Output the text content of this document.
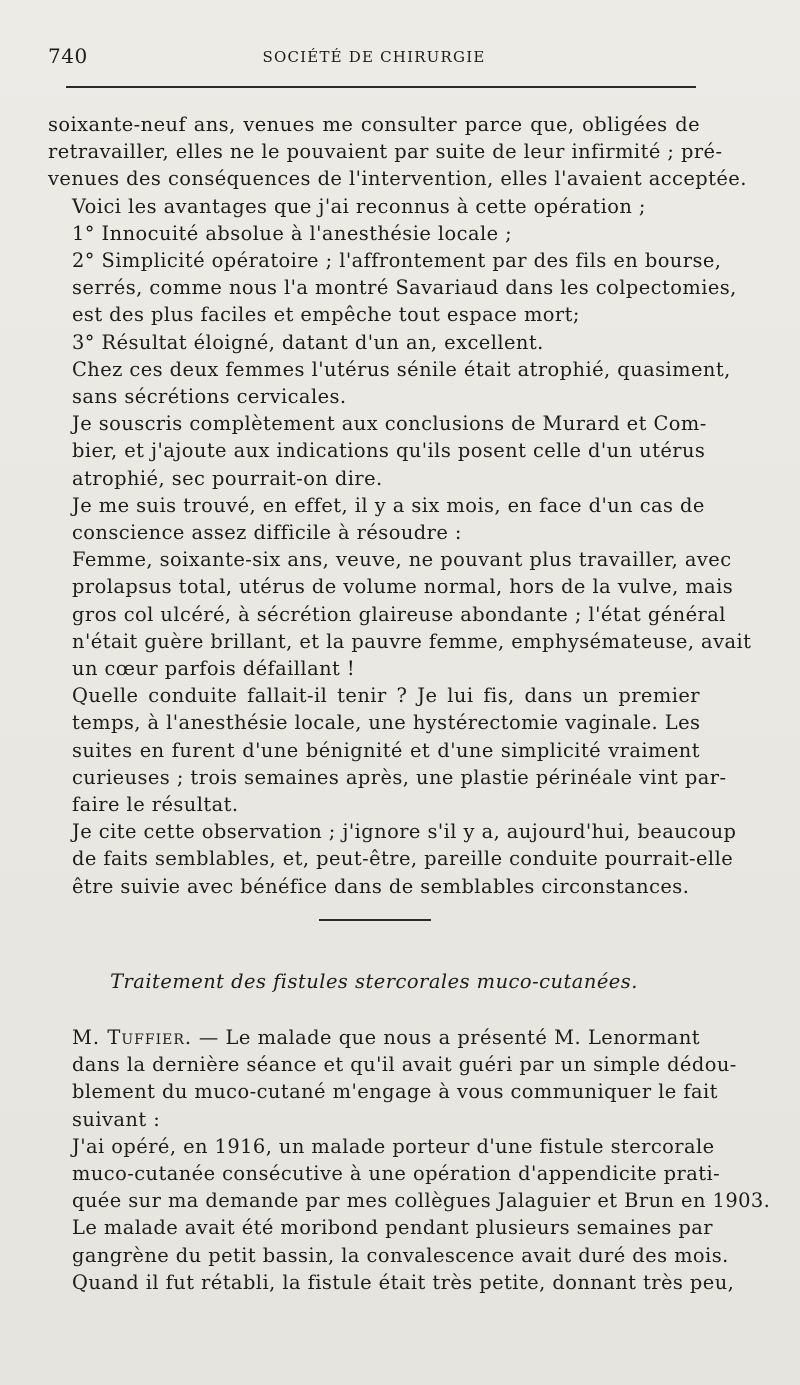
740	SOCIÉTÉ DE CHIRURGIE

soixante-neuf ans, venues me consulter parce que, obligées de
retravailler, elles ne le pouvaient par suite de leur infirmité ; pré-
venues des conséquences de l'intervention, elles l'avaient acceptée.

Voici les avantages que j'ai reconnus à cette opération ;

1° Innocuité absolue à l'anesthésie locale ;

2° Simplicité opératoire ; l'affrontement par des fils en bourse,
serrés, comme nous l'a montré Savariaud dans les colpectomies,
est des plus faciles et empêche tout espace mort;

3° Résultat éloigné, datant d'un an, excellent.

Chez ces deux femmes l'utérus sénile était atrophié, quasiment,
sans sécrétions cervicales.

Je souscris complètement aux conclusions de Murard et Com-
bier, et j'ajoute aux indications qu'ils posent celle d'un utérus
atrophié, sec pourrait-on dire.

Je me suis trouvé, en effet, il y a six mois, en face d'un cas de
conscience assez difficile à résoudre :

Femme, soixante-six ans, veuve, ne pouvant plus travailler, avec
prolapsus total, utérus de volume normal, hors de la vulve, mais
gros col ulcéré, à sécrétion glaireuse abondante ; l'état général
n'était guère brillant, et la pauvre femme, emphysémateuse, avait
un cœur parfois défaillant !

Quelle conduite fallait-il tenir ? Je lui fis, dans un premier
temps, à l'anesthésie locale, une hystérectomie vaginale. Les
suites en furent d'une bénignité et d'une simplicité vraiment
curieuses ; trois semaines après, une plastie périnéale vint par-
faire le résultat.

Je cite cette observation ; j'ignore s'il y a, aujourd'hui, beaucoup
de faits semblables, et, peut-être, pareille conduite pourrait-elle
être suivie avec bénéfice dans de semblables circonstances.

Traitement des fistules stercorales muco-cutanées.

M. Tuffier. — Le malade que nous a présenté M. Lenormant
dans la dernière séance et qu'il avait guéri par un simple dédou-
blement du muco-cutané m'engage à vous communiquer le fait
suivant :

J'ai opéré, en 1916, un malade porteur d'une fistule stercorale
muco-cutanée consécutive à une opération d'appendicite prati-
quée sur ma demande par mes collègues Jalaguier et Brun en 1903.
Le malade avait été moribond pendant plusieurs semaines par
gangrène du petit bassin, la convalescence avait duré des mois.
Quand il fut rétabli, la fistule était très petite, donnant très peu,
